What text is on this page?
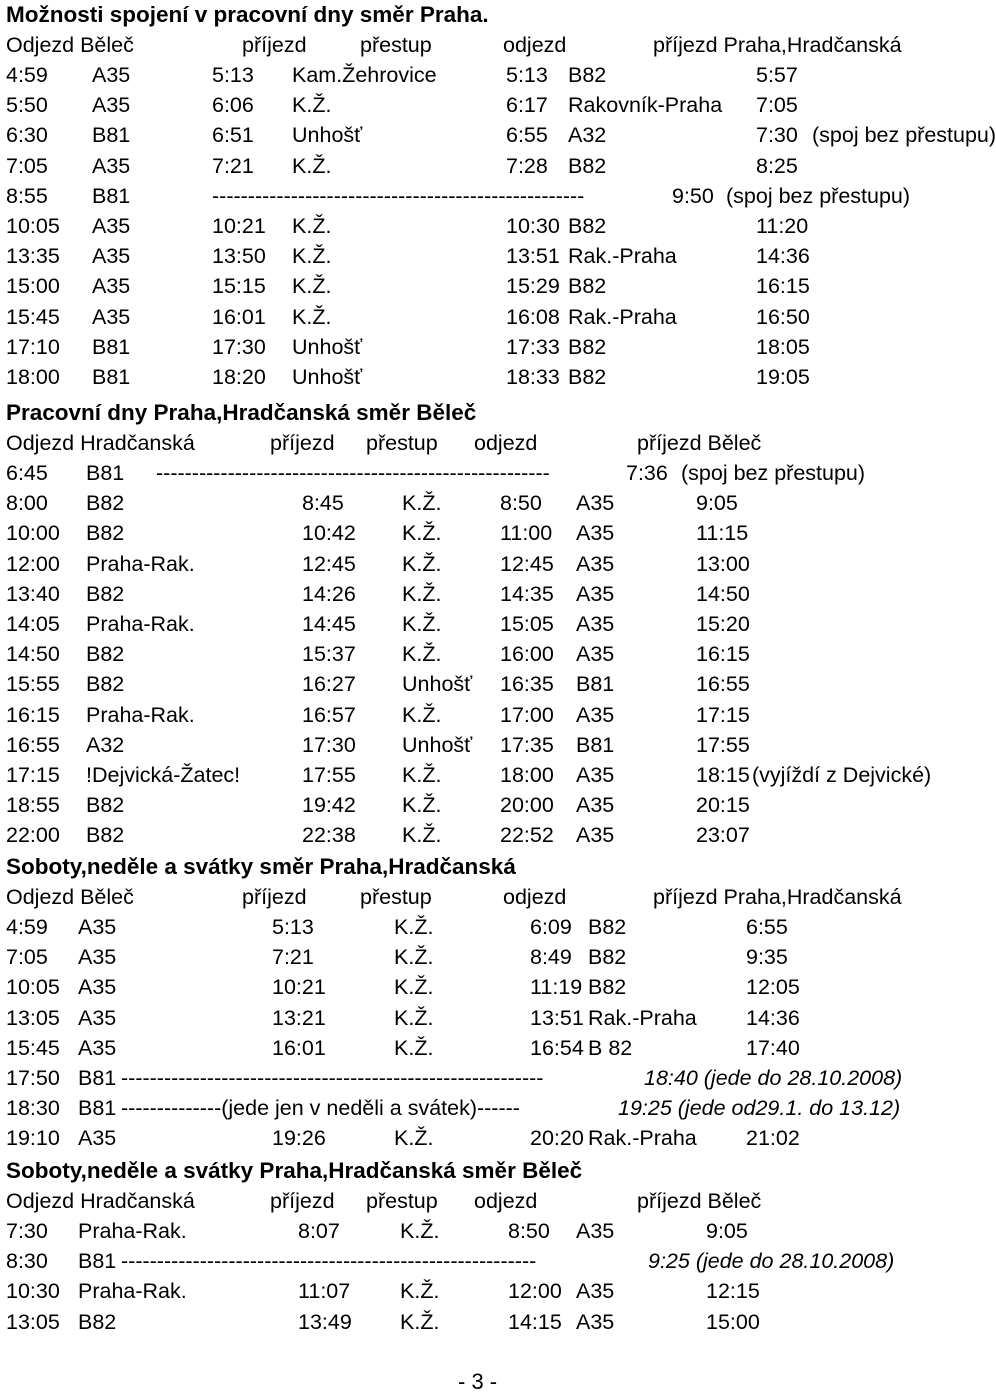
Možnosti spojení v pracovní dny směr Praha.
Odjezd Běleč	příjezd přestup	odjezd	příjezd Praha,Hradčanská
4:59 A35	5:13 Kam.Žehrovice	5:13 B82	5:57
5:50 A35	6:06 K.Ž.	6:17 Rakovník-Praha 7:05
6:30 B81	6:51 Unhošť	6:55 A32	7:30 (spoj bez přestupu)
7:05 A35	7:21 K.Ž.	7:28 B82	8:25
8:55 B81	----------------------------------------------------	9:50 (spoj bez přestupu)
10:05 A35	10:21 K.Ž.	10:30 B82	11:20
13:35 A35	13:50 K.Ž.	13:51 Rak.-Praha	14:36
15:00 A35	15:15 K.Ž.	15:29 B82	16:15
15:45 A35	16:01 K.Ž.	16:08 Rak.-Praha	16:50
17:10 B81	17:30 Unhošť	17:33 B82	18:05
18:00 B81	18:20 Unhošť	18:33 B82	19:05
Pracovní dny Praha,Hradčanská směr Běleč
Odjezd Hradčanská	příjezd přestup odjezd	příjezd Běleč
6:45 B81 -------------------------------------------------------	7:36 (spoj bez přestupu)
8:00 B82	8:45	K.Ž.	8:50 A35	9:05
10:00 B82	10:42 K.Ž.	11:00 A35	11:15
12:00 Praha-Rak.	12:45 K.Ž.	12:45 A35	13:00
13:40 B82	14:26 K.Ž.	14:35 A35	14:50
14:05 Praha-Rak.	14:45 K.Ž.	15:05 A35	15:20
14:50 B82	15:37 K.Ž.	16:00 A35	16:15
15:55 B82	16:27 Unhošť 16:35 B81	16:55
16:15 Praha-Rak.	16:57 K.Ž.	17:00 A35	17:15
16:55 A32	17:30 Unhošť 17:35 B81	17:55
17:15 !Dejvická-Žatec!	17:55 K.Ž.	18:00 A35	18:15 (vyjíždí z Dejvické)
18:55 B82	19:42 K.Ž.	20:00 A35	20:15
22:00 B82	22:38 K.Ž.	22:52 A35	23:07
Soboty,neděle a svátky směr Praha,Hradčanská
Odjezd Běleč	příjezd přestup	odjezd	příjezd Praha,Hradčanská
4:59 A35	5:13	K.Ž.	6:09 B82	6:55
7:05 A35	7:21	K.Ž.	8:49 B82	9:35
10:05 A35	10:21	K.Ž.	11:19 B82	12:05
13:05 A35	13:21	K.Ž.	13:51 Rak.-Praha 14:36
15:45 A35	16:01	K.Ž.	16:54 B 82	17:40
17:50 B81 -----------------------------------------------------------	18:40 (jede do 28.10.2008)
18:30 B81 --------------(jede jen v neděli a svátek)------	19:25 (jede od29.1. do 13.12)
19:10 A35	19:26	K.Ž.	20:20 Rak.-Praha 21:02
Soboty,neděle a svátky Praha,Hradčanská směr Běleč
Odjezd Hradčanská	příjezd přestup odjezd	příjezd Běleč
7:30 Praha-Rak.	8:07	K.Ž.	8:50 A35	9:05
8:30 B81 ----------------------------------------------------------	9:25 (jede do 28.10.2008)
10:30 Praha-Rak.	11:07 K.Ž.	12:00 A35	12:15
13:05 B82	13:49 K.Ž.	14:15 A35	15:00
- 3 -
